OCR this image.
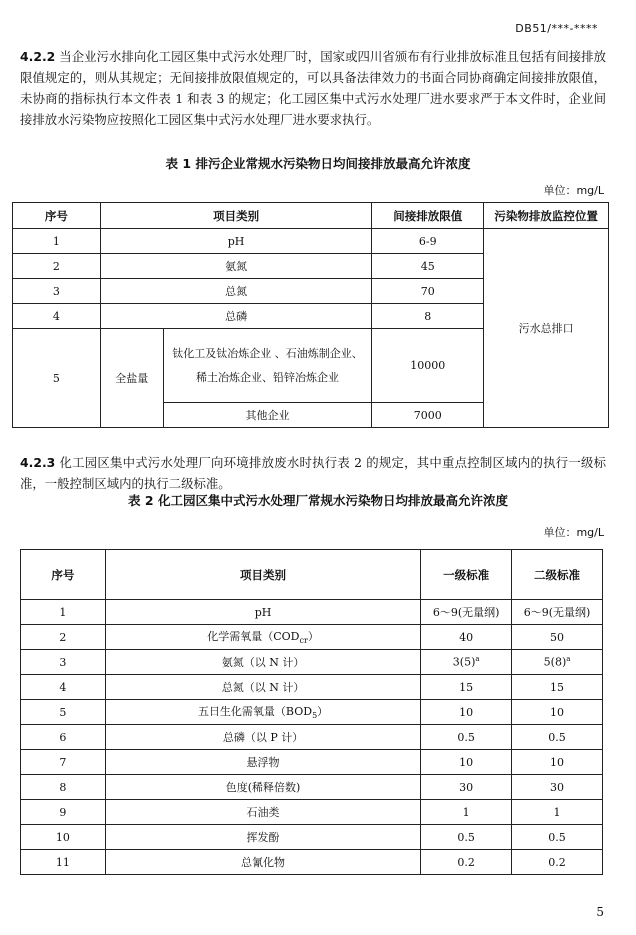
DB51/***-****
4.2.2 当企业污水排向化工园区集中式污水处理厂时，国家或四川省颁布有行业排放标准且包括有间接排放限值规定的，则从其规定；无间接排放限值规定的，可以具备法律效力的书面合同协商确定间接排放限值，未协商的指标执行本文件表 1 和表 3 的规定；化工园区集中式污水处理厂进水要求严于本文件时，企业间接排放水污染物应按照化工园区集中式污水处理厂进水要求执行。
表 1 排污企业常规水污染物日均间接排放最高允许浓度
单位：mg/L
序号	项目类别		间接排放限值	污染物排放监控位置
1	pH		6-9	污水总排口
2	氨氮		45	
3	总氮		70	
4	总磷		8	
5	全盐量	钛化工及钛冶炼企业 、石油炼制企业、稀土冶炼企业、铅锌冶炼企业	10000	
		其他企业	7000	
4.2.3 化工园区集中式污水处理厂向环境排放废水时执行表 2 的规定，其中重点控制区域内的执行一级标准，一般控制区域内的执行二级标准。
表 2 化工园区集中式污水处理厂常规水污染物日均排放最高允许浓度
单位：mg/L
序号	项目类别	一级标准	二级标准
1	pH	6～9(无量纲)	6～9(无量纲)
2	化学需氧量$(COD_{cr})$	40	50
3	氨氮（以 N 计）	$3(5)^a$	$5(8)^a$
4	总氮（以 N 计）	15	15
5	五日生化需氧量$(BOD_5)$	10	10
6	总磷（以 P 计）	0.5	0.5
7	悬浮物	10	10
8	色度(稀释倍数)	30	30
9	石油类	1	1
10	挥发酚	0.5	0.5
11	总氰化物	0.2	0.2
5
